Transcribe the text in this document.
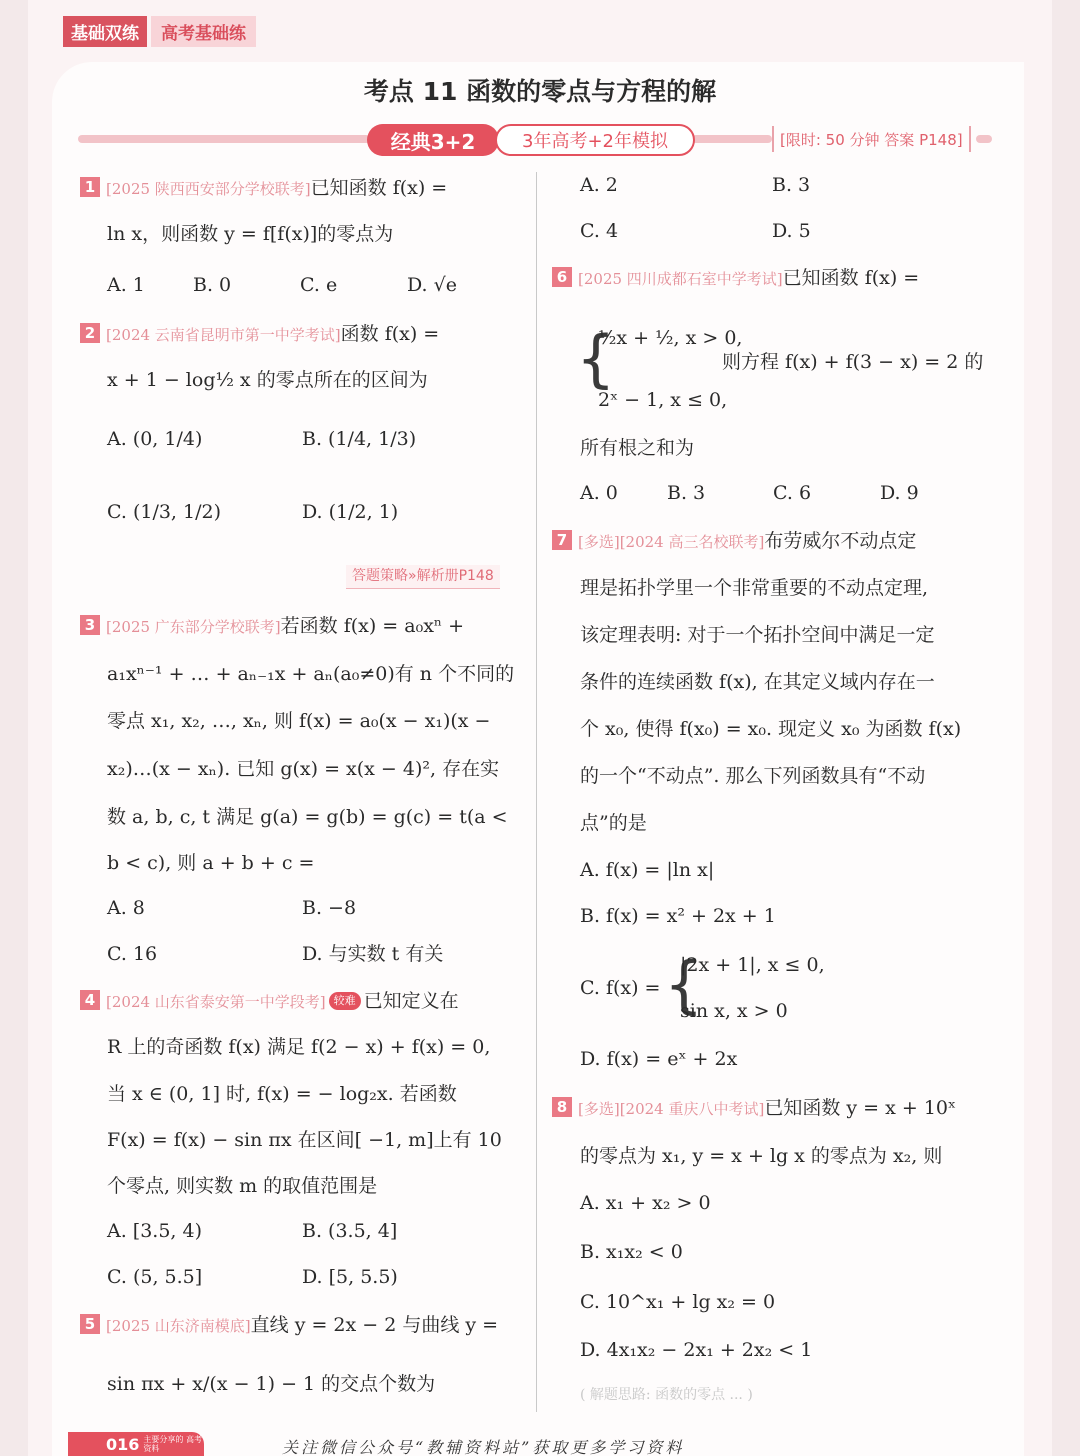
基础双练	高考基础练
考点 11 函数的零点与方程的解
经典3+2	3年高考+2年模拟	[限时: 50 分钟 答案 P148]
1 [2025 陕西西安部分学校联考]已知函数 f(x) =
ln x，则函数 y = f[f(x)]的零点为
A. 1	B. 0	C. e	D. √e
2 [2024 云南省昆明市第一中学考试]函数 f(x) =
x + 1 − log½ x 的零点所在的区间为
A. (0, 1/4)	B. (1/4, 1/3)
C. (1/3, 1/2)	D. (1/2, 1)
答题策略»解析册P148
3 [2025 广东部分学校联考]若函数 f(x) = a₀xⁿ +
a₁xⁿ⁻¹ + … + aₙ₋₁x + aₙ(a₀≠0)有 n 个不同的
零点 x₁, x₂, …, xₙ, 则 f(x) = a₀(x − x₁)(x −
x₂)…(x − xₙ). 已知 g(x) = x(x − 4)², 存在实
数 a, b, c, t 满足 g(a) = g(b) = g(c) = t(a <
b < c), 则 a + b + c =
A. 8	B. −8
C. 16	D. 与实数 t 有关
4 [2024 山东省泰安第一中学段考] 较难 已知定义在
R 上的奇函数 f(x) 满足 f(2 − x) + f(x) = 0,
当 x ∈ (0, 1] 时, f(x) = − log₂x. 若函数
F(x) = f(x) − sin πx 在区间[ −1, m]上有 10
个零点, 则实数 m 的取值范围是
A. [3.5, 4)	B. (3.5, 4]
C. (5, 5.5]	D. [5, 5.5)
5 [2025 山东济南模底]直线 y = 2x − 2 与曲线 y =
sin πx + x/(x − 1) − 1 的交点个数为
A. 2	B. 3
C. 4	D. 5
6 [2025 四川成都石室中学考试]已知函数 f(x) =
{
½x + ½, x > 0,
2ˣ − 1, x ≤ 0,
则方程 f(x) + f(3 − x) = 2 的
所有根之和为
A. 0	B. 3	C. 6	D. 9
7 [多选][2024 高三名校联考]布劳威尔不动点定
理是拓扑学里一个非常重要的不动点定理,
该定理表明: 对于一个拓扑空间中满足一定
条件的连续函数 f(x), 在其定义域内存在一
个 x₀, 使得 f(x₀) = x₀. 现定义 x₀ 为函数 f(x)
的一个“不动点”. 那么下列函数具有“不动
点”的是
A. f(x) = |ln x|
B. f(x) = x² + 2x + 1
C. f(x) = {
|2x + 1|, x ≤ 0,
sin x, x > 0
D. f(x) = eˣ + 2x
8 [多选][2024 重庆八中考试]已知函数 y = x + 10ˣ
的零点为 x₁, y = x + lg x 的零点为 x₂, 则
A. x₁ + x₂ > 0
B. x₁x₂ < 0
C. 10^x₁ + lg x₂ = 0
D. 4x₁x₂ − 2x₁ + 2x₂ < 1
( 解题思路: 函数的零点 ... )
016 主要分享的 高考资料	关注微信公众号“教辅资料站”获取更多学习资料
